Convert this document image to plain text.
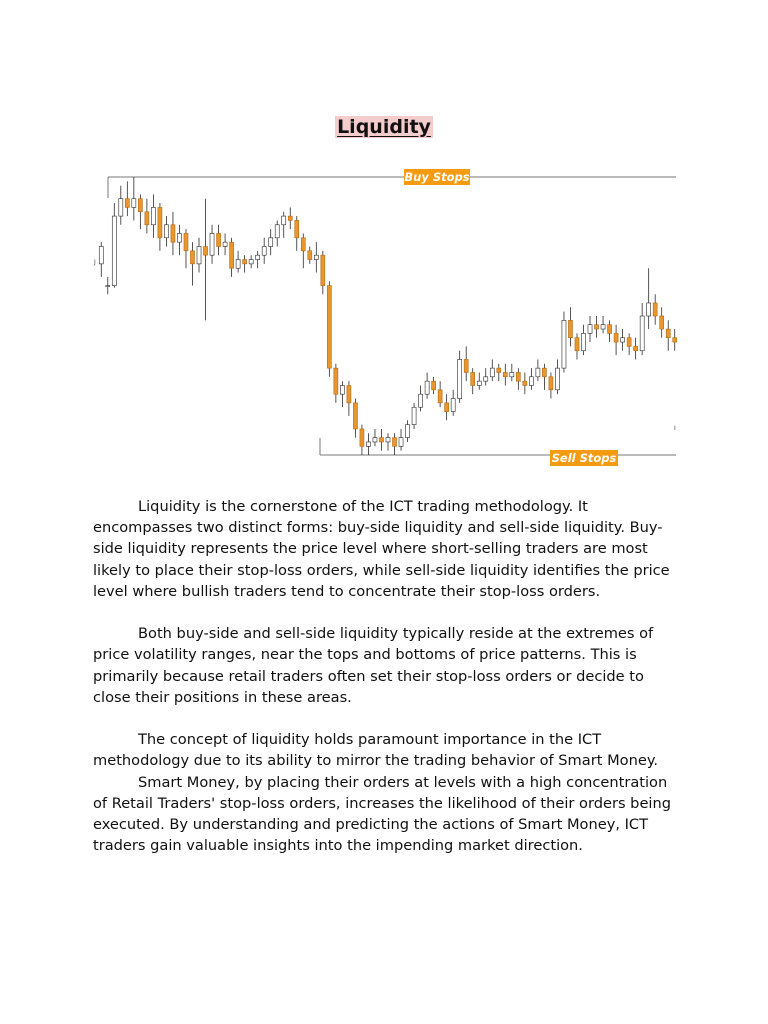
Liquidity
Buy Stops
Sell Stops
J
I

Liquidity is the cornerstone of the ICT trading methodology. It encompasses two distinct forms: buy-side liquidity and sell-side liquidity. Buy-side liquidity represents the price level where short-selling traders are most likely to place their stop-loss orders, while sell-side liquidity identifies the price level where bullish traders tend to concentrate their stop-loss orders.

Both buy-side and sell-side liquidity typically reside at the extremes of price volatility ranges, near the tops and bottoms of price patterns. This is primarily because retail traders often set their stop-loss orders or decide to close their positions in these areas.

The concept of liquidity holds paramount importance in the ICT methodology due to its ability to mirror the trading behavior of Smart Money.

Smart Money, by placing their orders at levels with a high concentration of Retail Traders' stop-loss orders, increases the likelihood of their orders being executed. By understanding and predicting the actions of Smart Money, ICT traders gain valuable insights into the impending market direction.
